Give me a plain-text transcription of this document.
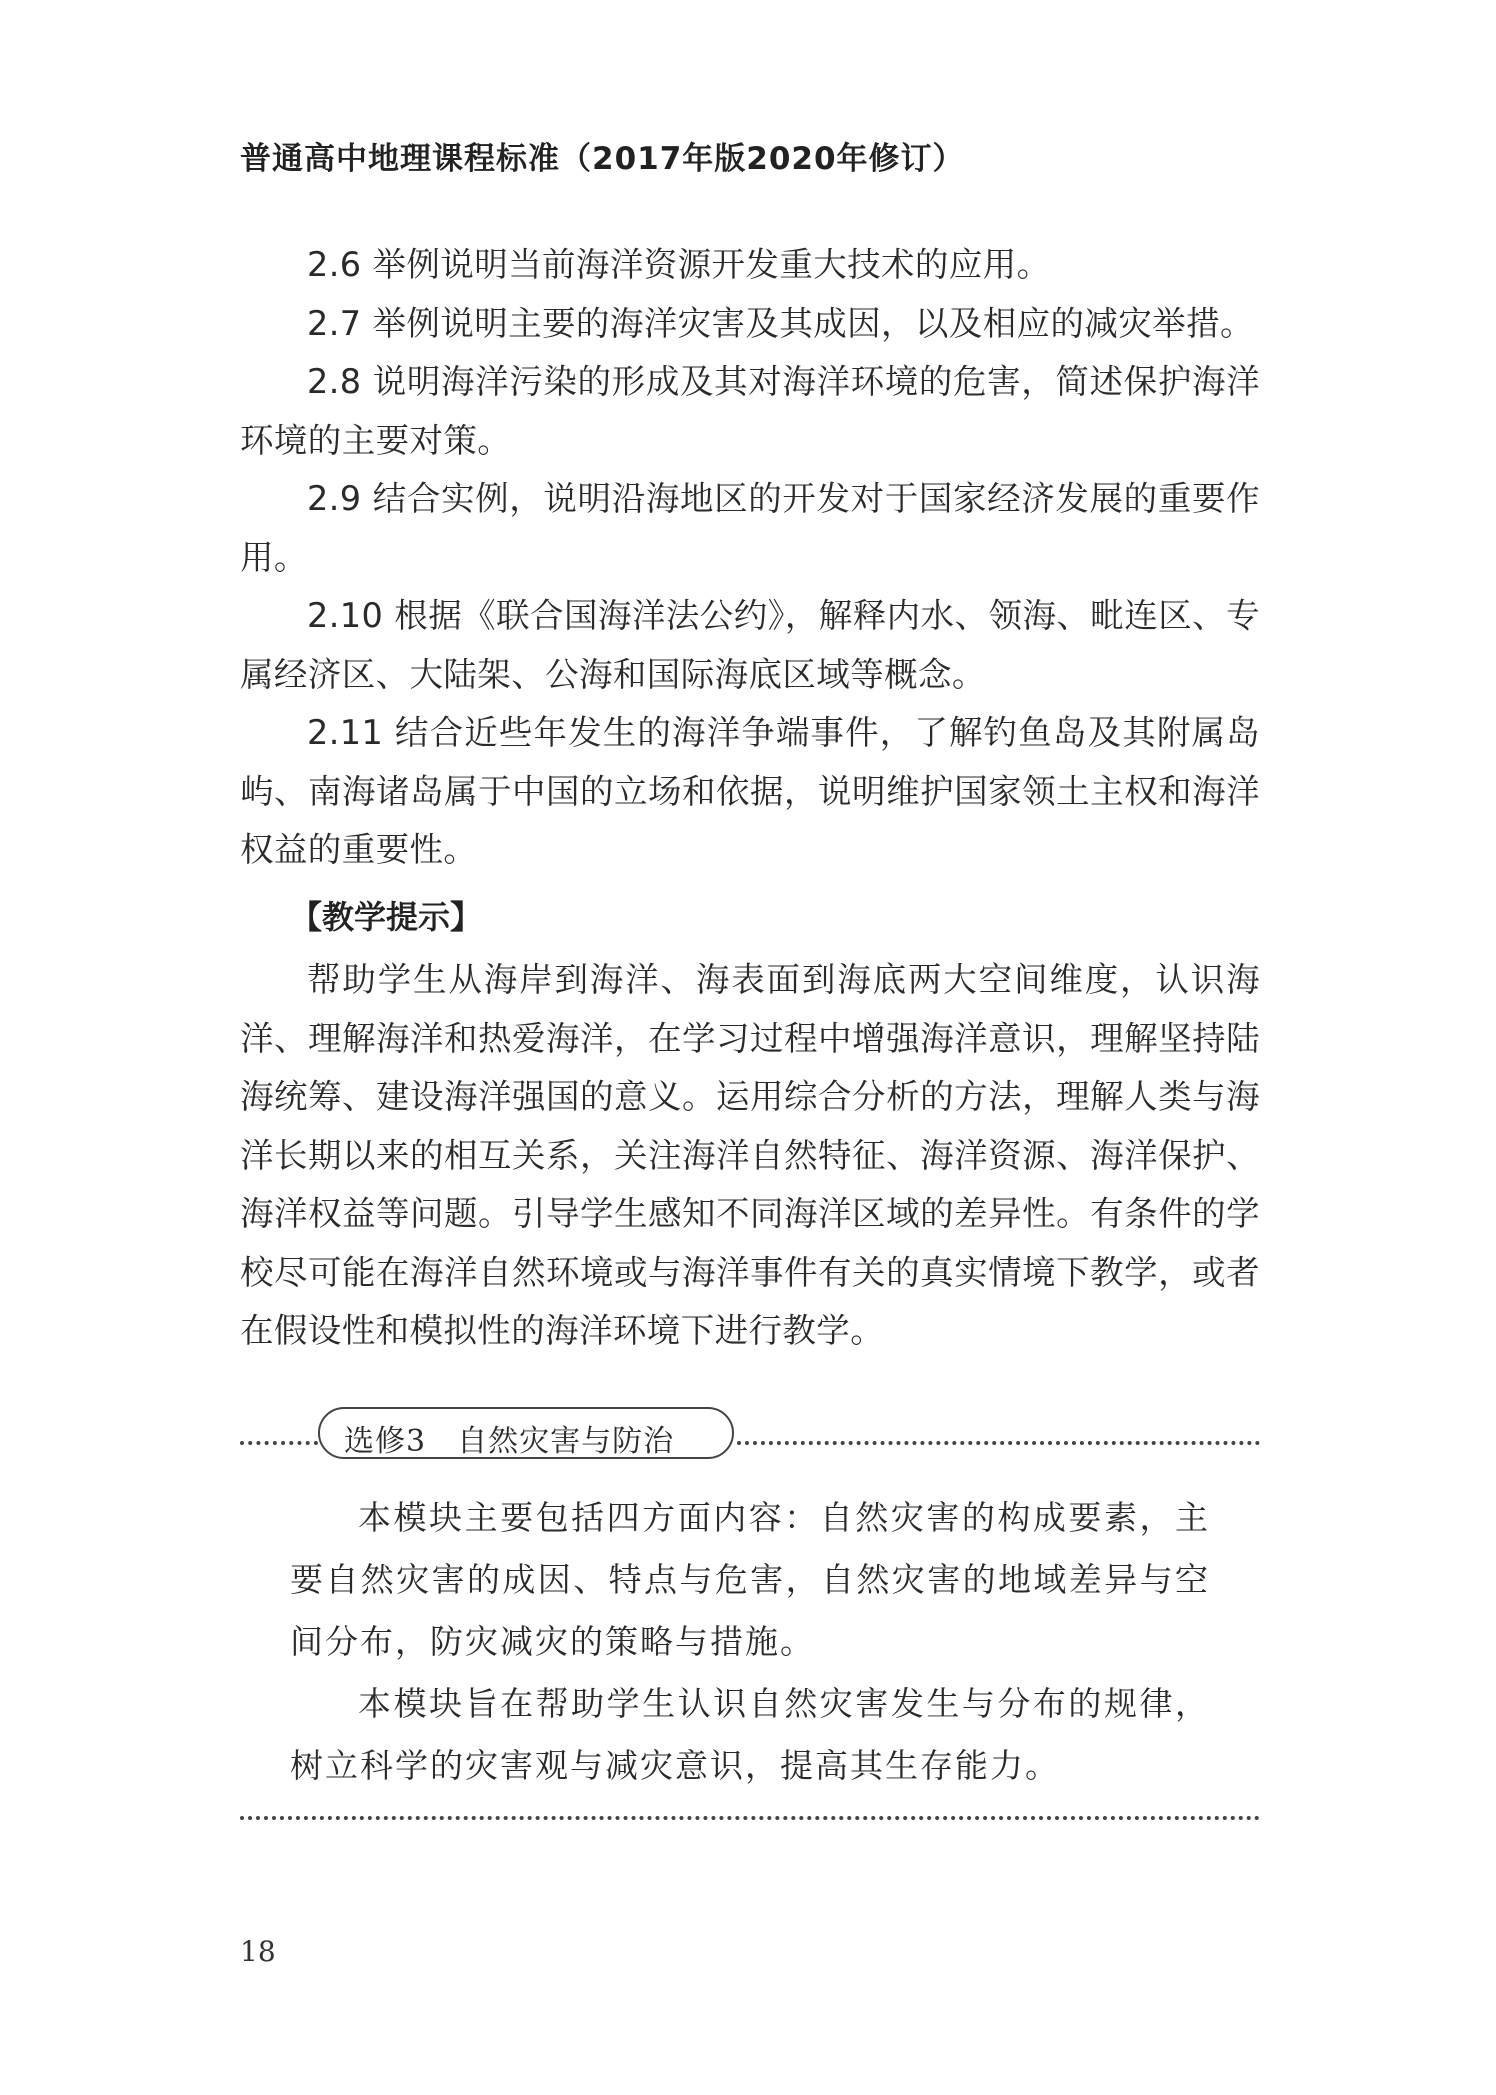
普通高中地理课程标准（2017年版2020年修订）

2.6 举例说明当前海洋资源开发重大技术的应用。

2.7 举例说明主要的海洋灾害及其成因，以及相应的减灾举措。

2.8 说明海洋污染的形成及其对海洋环境的危害，简述保护海洋环境的主要对策。

2.9 结合实例，说明沿海地区的开发对于国家经济发展的重要作用。

2.10 根据《联合国海洋法公约》，解释内水、领海、毗连区、专属经济区、大陆架、公海和国际海底区域等概念。

2.11 结合近些年发生的海洋争端事件，了解钓鱼岛及其附属岛屿、南海诸岛属于中国的立场和依据，说明维护国家领土主权和海洋权益的重要性。

【教学提示】

帮助学生从海岸到海洋、海表面到海底两大空间维度，认识海洋、理解海洋和热爱海洋，在学习过程中增强海洋意识，理解坚持陆海统筹、建设海洋强国的意义。运用综合分析的方法，理解人类与海洋长期以来的相互关系，关注海洋自然特征、海洋资源、海洋保护、海洋权益等问题。引导学生感知不同海洋区域的差异性。有条件的学校尽可能在海洋自然环境或与海洋事件有关的真实情境下教学，或者在假设性和模拟性的海洋环境下进行教学。

选修3　自然灾害与防治

本模块主要包括四方面内容：自然灾害的构成要素，主要自然灾害的成因、特点与危害，自然灾害的地域差异与空间分布，防灾减灾的策略与措施。

本模块旨在帮助学生认识自然灾害发生与分布的规律，树立科学的灾害观与减灾意识，提高其生存能力。

18
